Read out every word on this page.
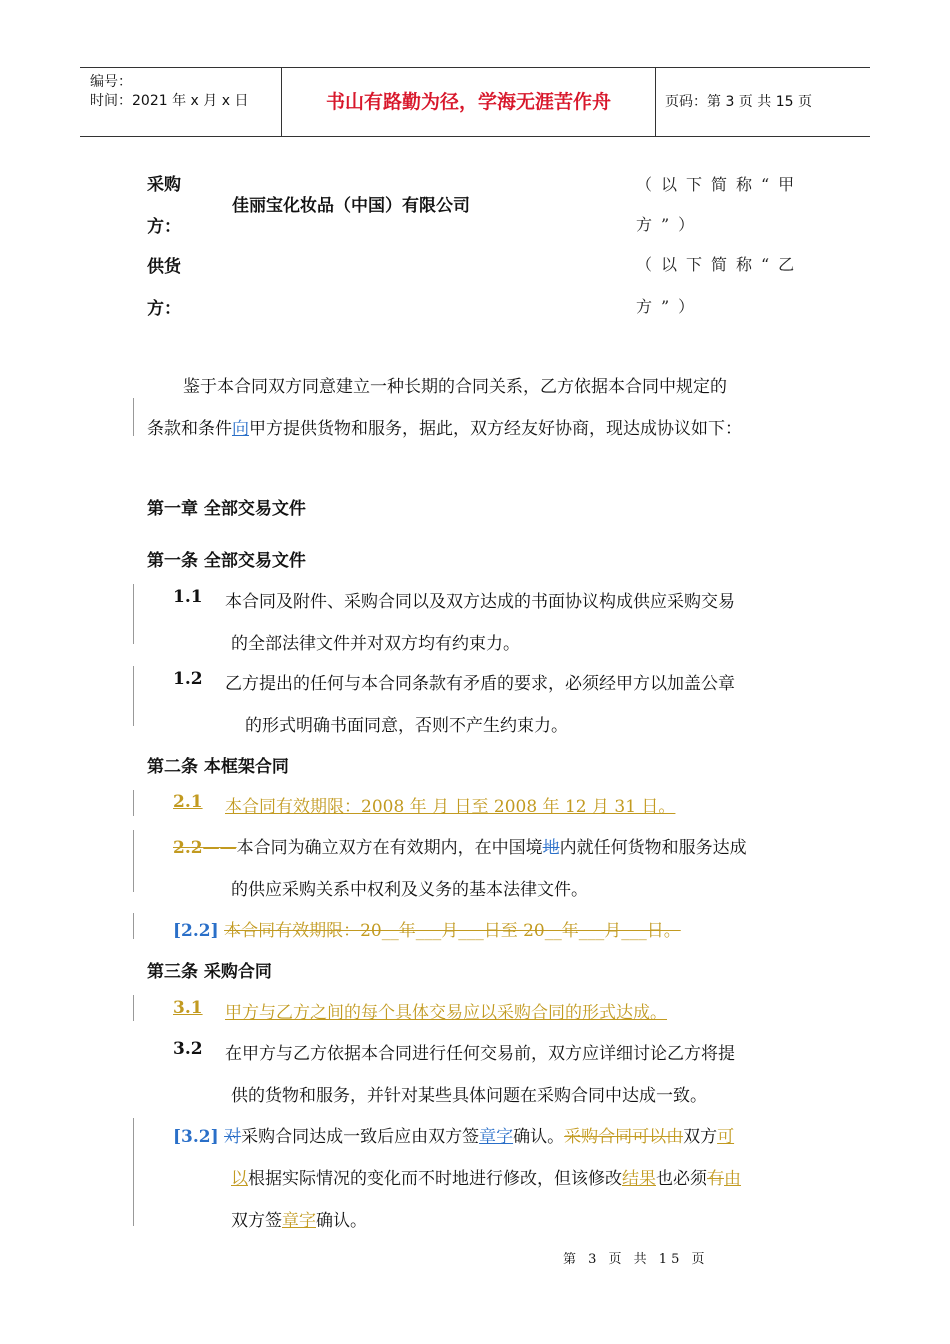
编号：
时间：2021 年 x 月 x 日	书山有路勤为径，学海无涯苦作舟	页码：第 3 页 共 15 页
采购
方：
佳丽宝化妆品（中国）有限公司
（以下简称“甲
方”）
供货
方：
（以下简称“乙
方”）
鉴于本合同双方同意建立一种长期的合同关系，乙方依据本合同中规定的
条款和条件向甲方提供货物和服务，据此，双方经友好协商，现达成协议如下：
第一章 全部交易文件
第一条 全部交易文件
1.1 本合同及附件、采购合同以及双方达成的书面协议构成供应采购交易
的全部法律文件并对双方均有约束力。
1.2 乙方提出的任何与本合同条款有矛盾的要求，必须经甲方以加盖公章
的形式明确书面同意，否则不产生约束力。
第二条 本框架合同
2.1 本合同有效期限：2008 年 月 日至 2008 年 12 月 31 日。
2.2——本合同为确立双方在有效期内，在中国境地内就任何货物和服务达成
的供应采购关系中权利及义务的基本法律文件。
[2.2] 本合同有效期限：20__年___月___日至 20__年___月___日。
第三条 采购合同
3.1 甲方与乙方之间的每个具体交易应以采购合同的形式达成。
3.2 在甲方与乙方依据本合同进行任何交易前，双方应详细讨论乙方将提
供的货物和服务，并针对某些具体问题在采购合同中达成一致。
[3.2] 对采购合同达成一致后应由双方签章字确认。采购合同可以由双方可
以根据实际情况的变化而不时地进行修改，但该修改结果也必须有由
双方签章字确认。
第 3 页 共 15 页
